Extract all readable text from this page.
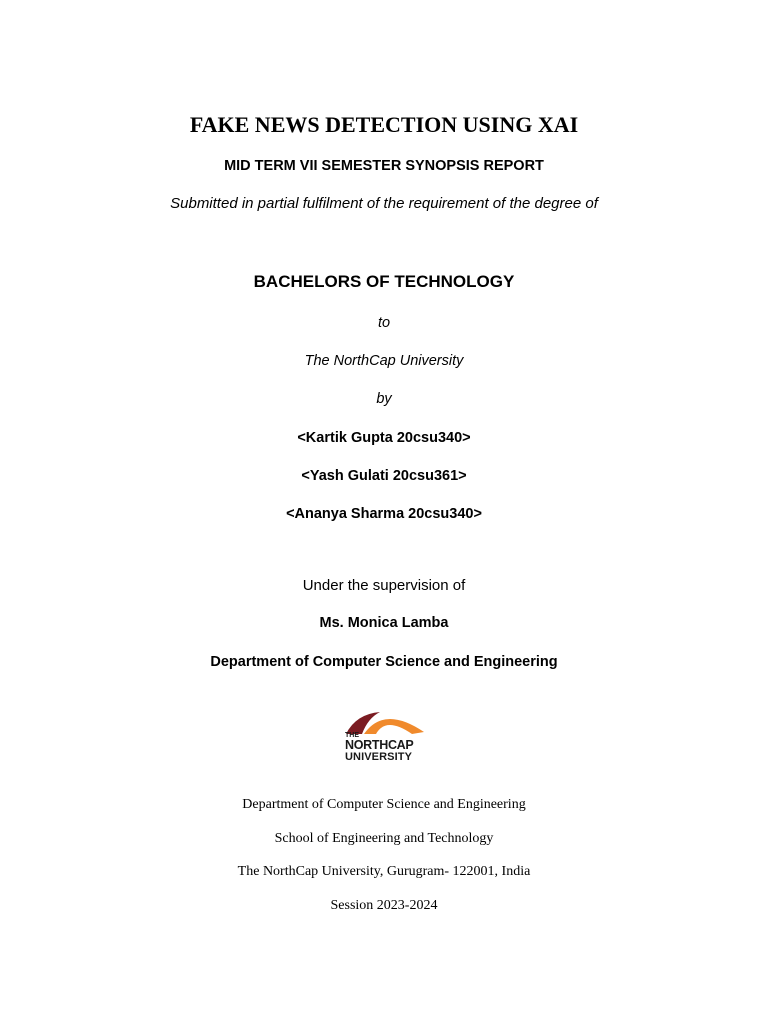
FAKE NEWS DETECTION USING XAI
MID TERM VII SEMESTER SYNOPSIS REPORT
Submitted in partial fulfilment of the requirement of the degree of
BACHELORS OF TECHNOLOGY
to
The NorthCap University
by
<Kartik Gupta 20csu340>
<Yash Gulati 20csu361>
<Ananya Sharma 20csu340>
Under the supervision of
Ms. Monica Lamba
Department of Computer Science and Engineering
THE
NORTHCAP
UNIVERSITY
Department of Computer Science and Engineering
School of Engineering and Technology
The NorthCap University, Gurugram- 122001, India
Session 2023-2024
